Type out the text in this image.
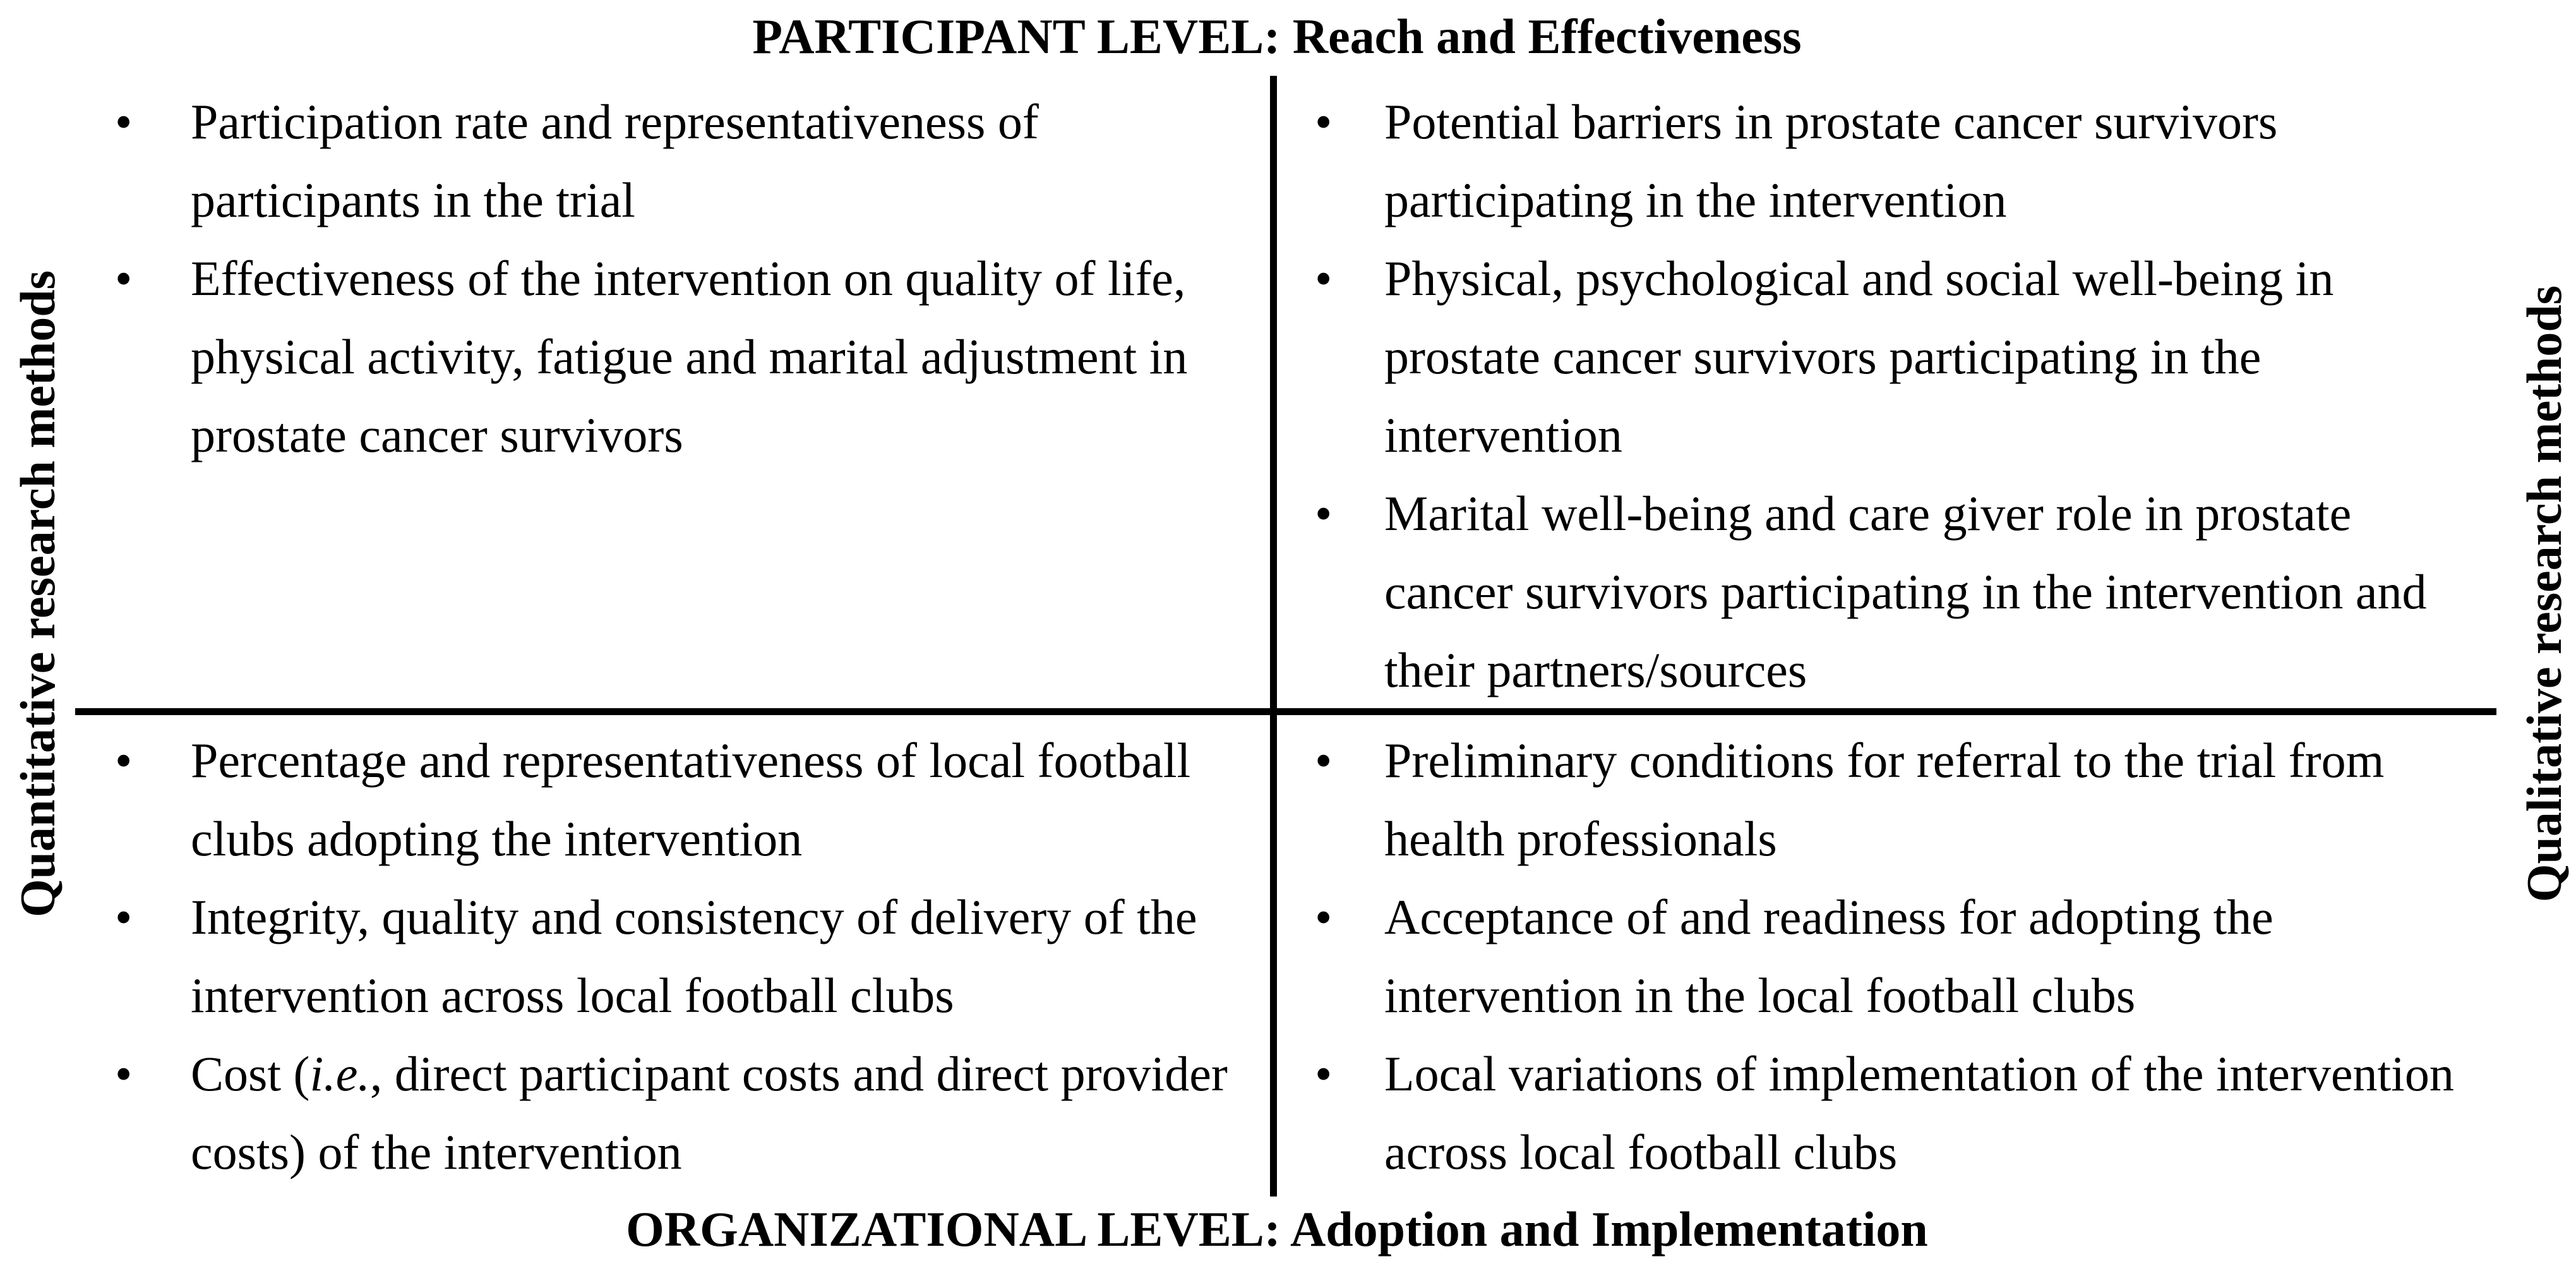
PARTICIPANT LEVEL: Reach and Effectiveness
ORGANIZATIONAL LEVEL: Adoption and Implementation
Quantitative research methods	Qualitative research methods
• Participation rate and representativeness of participants in the trial
• Effectiveness of the intervention on quality of life, physical activity, fatigue and marital adjustment in prostate cancer survivors
• Potential barriers in prostate cancer survivors participating in the intervention
• Physical, psychological and social well-being in prostate cancer survivors participating in the intervention
• Marital well-being and care giver role in prostate cancer survivors participating in the intervention and their partners/sources
• Percentage and representativeness of local football clubs adopting the intervention
• Integrity, quality and consistency of delivery of the intervention across local football clubs
• Cost (i.e., direct participant costs and direct provider costs) of the intervention
• Preliminary conditions for referral to the trial from health professionals
• Acceptance of and readiness for adopting the intervention in the local football clubs
• Local variations of implementation of the intervention across local football clubs
